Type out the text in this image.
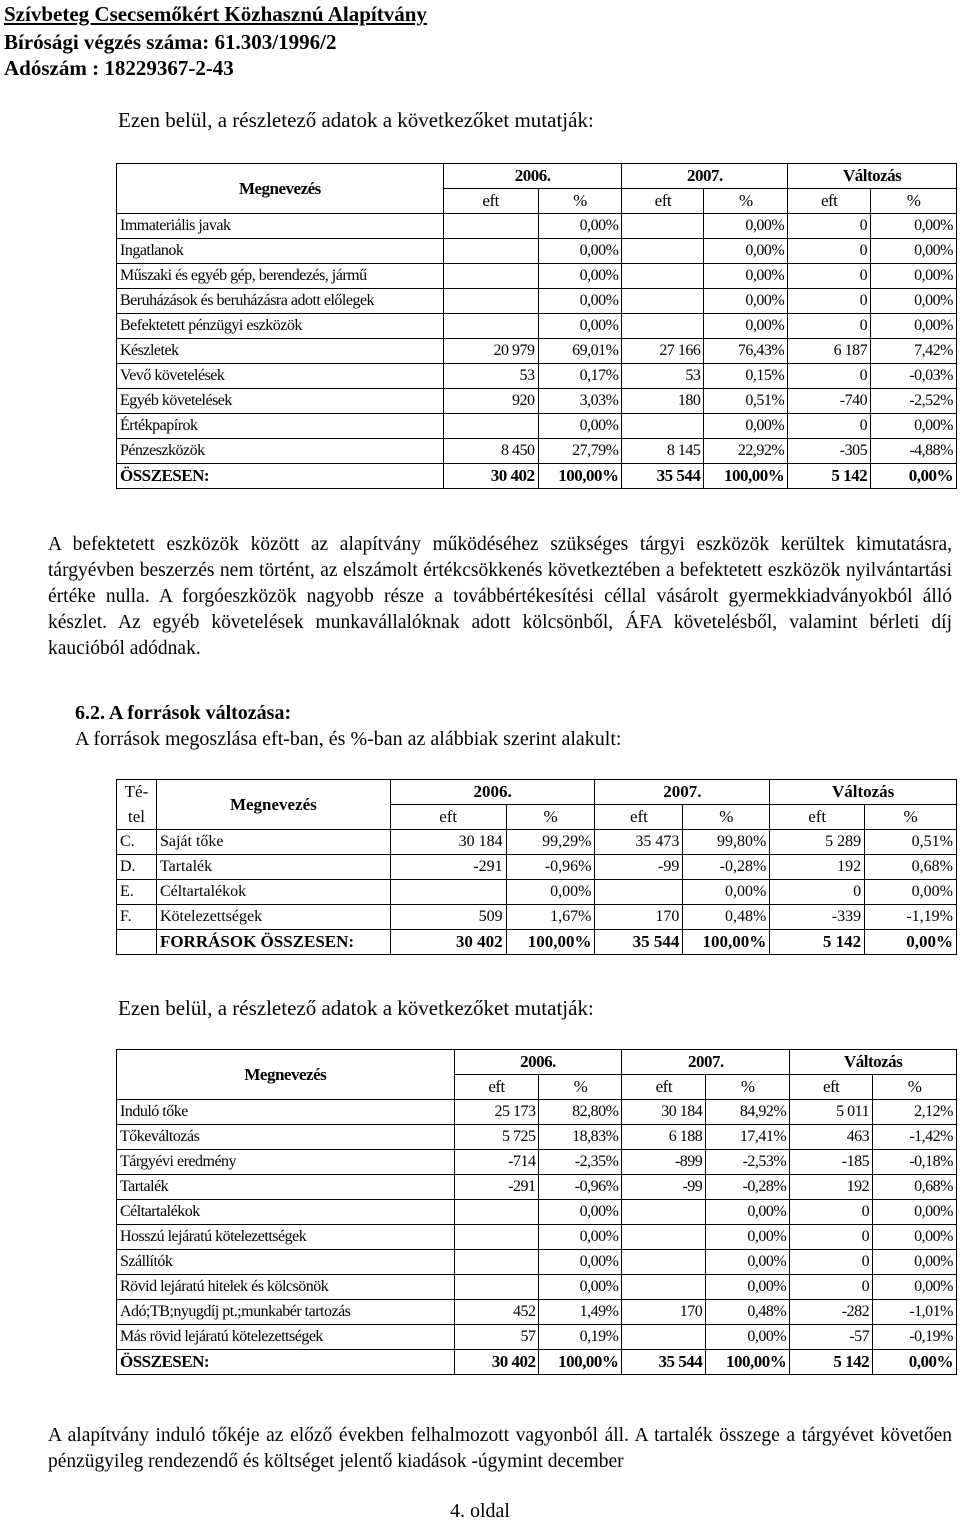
Szívbeteg Csecsemőkért Közhasznú Alapítvány
Bírósági végzés száma: 61.303/1996/2
Adószám : 18229367-2-43
Ezen belül, a részletező adatok a következőket mutatják:
Megnevezés	2006.		2007.		Változás	
	eft	%	eft	%	eft	%
Immateriális javak		0,00%		0,00%	0	0,00%
Ingatlanok		0,00%		0,00%	0	0,00%
Műszaki és egyéb gép, berendezés, jármű		0,00%		0,00%	0	0,00%
Beruházások és beruházásra adott előlegek		0,00%		0,00%	0	0,00%
Befektetett pénzügyi eszközök		0,00%		0,00%	0	0,00%
Készletek	20 979	69,01%	27 166	76,43%	6 187	7,42%
Vevő követelések	53	0,17%	53	0,15%	0	-0,03%
Egyéb követelések	920	3,03%	180	0,51%	-740	-2,52%
Értékpapírok		0,00%		0,00%	0	0,00%
Pénzeszközök	8 450	27,79%	8 145	22,92%	-305	-4,88%
ÖSSZESEN:	30 402	100,00%	35 544	100,00%	5 142	0,00%
A befektetett eszközök között az alapítvány működéséhez szükséges tárgyi eszközök kerültek kimutatásra, tárgyévben beszerzés nem történt, az elszámolt értékcsökkenés következtében a befektetett eszközök nyilvántartási értéke nulla. A forgóeszközök nagyobb része a továbbértékesítési céllal vásárolt gyermekkiadványokból álló készlet. Az egyéb követelések munkavállalóknak adott kölcsönből, ÁFA követelésből, valamint bérleti díj kaucióból adódnak.
6.2. A források változása:
A források megoszlása eft-ban, és %-ban az alábbiak szerint alakult:
Té-	Megnevezés	2006.		2007.		Változás	
tel		eft	%	eft	%	eft	%
C.	Saját tőke	30 184	99,29%	35 473	99,80%	5 289	0,51%
D.	Tartalék	-291	-0,96%	-99	-0,28%	192	0,68%
E.	Céltartalékok		0,00%		0,00%	0	0,00%
F.	Kötelezettségek	509	1,67%	170	0,48%	-339	-1,19%
	FORRÁSOK ÖSSZESEN:	30 402	100,00%	35 544	100,00%	5 142	0,00%
Ezen belül, a részletező adatok a következőket mutatják:
Megnevezés	2006.		2007.		Változás	
	eft	%	eft	%	eft	%
Induló tőke	25 173	82,80%	30 184	84,92%	5 011	2,12%
Tőkeváltozás	5 725	18,83%	6 188	17,41%	463	-1,42%
Tárgyévi eredmény	-714	-2,35%	-899	-2,53%	-185	-0,18%
Tartalék	-291	-0,96%	-99	-0,28%	192	0,68%
Céltartalékok		0,00%		0,00%	0	0,00%
Hosszú lejáratú kötelezettségek		0,00%		0,00%	0	0,00%
Szállítók		0,00%		0,00%	0	0,00%
Rövid lejáratú hitelek és kölcsönök		0,00%		0,00%	0	0,00%
Adó;TB;nyugdíj pt.;munkabér tartozás	452	1,49%	170	0,48%	-282	-1,01%
Más rövid lejáratú kötelezettségek	57	0,19%		0,00%	-57	-0,19%
ÖSSZESEN:	30 402	100,00%	35 544	100,00%	5 142	0,00%
A alapítvány induló tőkéje az előző években felhalmozott vagyonból áll. A tartalék összege a tárgyévet követően pénzügyileg rendezendő és költséget jelentő kiadások -úgymint december
4. oldal
